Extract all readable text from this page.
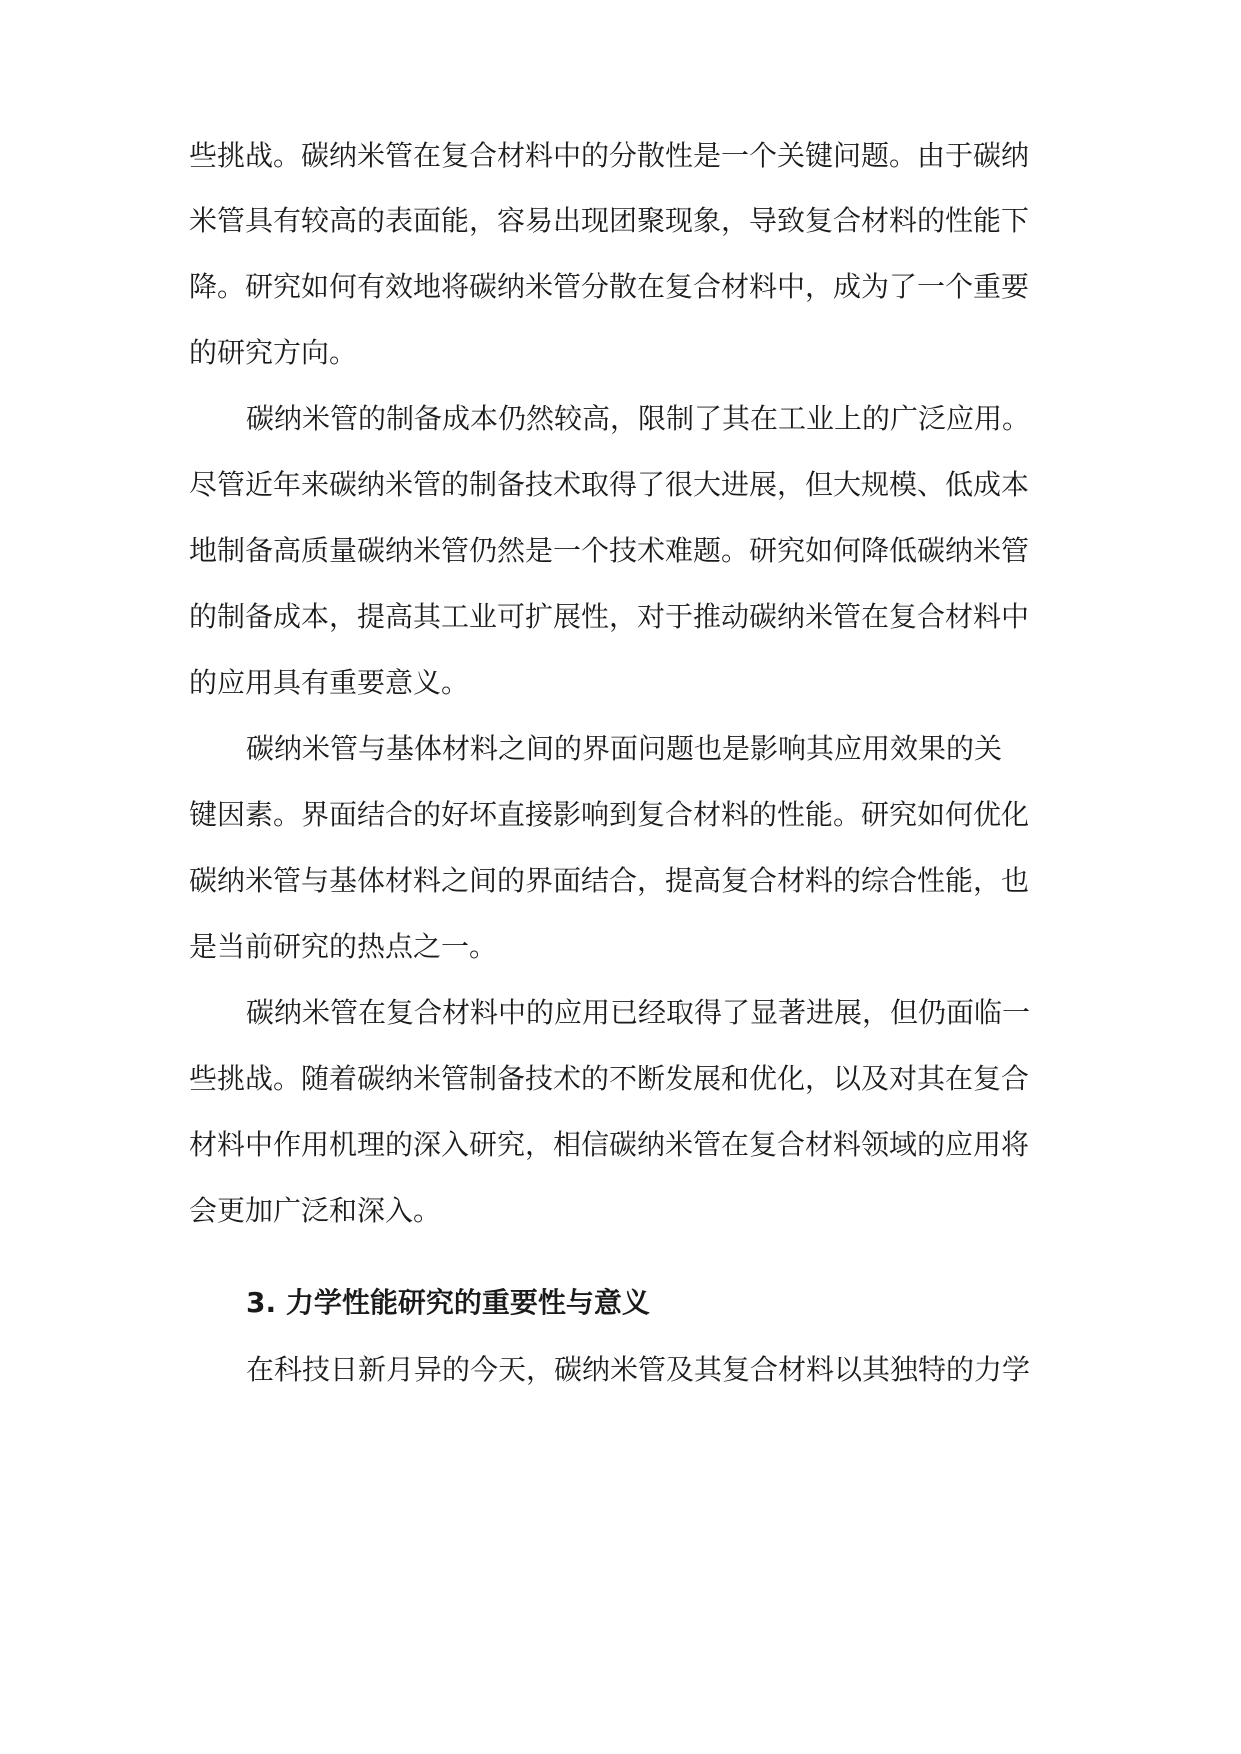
些挑战。碳纳米管在复合材料中的分散性是一个关键问题。由于碳纳
米管具有较高的表面能，容易出现团聚现象，导致复合材料的性能下
降。研究如何有效地将碳纳米管分散在复合材料中，成为了一个重要
的研究方向。
碳纳米管的制备成本仍然较高，限制了其在工业上的广泛应用。
尽管近年来碳纳米管的制备技术取得了很大进展，但大规模、低成本
地制备高质量碳纳米管仍然是一个技术难题。研究如何降低碳纳米管
的制备成本，提高其工业可扩展性，对于推动碳纳米管在复合材料中
的应用具有重要意义。
碳纳米管与基体材料之间的界面问题也是影响其应用效果的关
键因素。界面结合的好坏直接影响到复合材料的性能。研究如何优化
碳纳米管与基体材料之间的界面结合，提高复合材料的综合性能，也
是当前研究的热点之一。
碳纳米管在复合材料中的应用已经取得了显著进展，但仍面临一
些挑战。随着碳纳米管制备技术的不断发展和优化，以及对其在复合
材料中作用机理的深入研究，相信碳纳米管在复合材料领域的应用将
会更加广泛和深入。
3. 力学性能研究的重要性与意义
在科技日新月异的今天，碳纳米管及其复合材料以其独特的力学
